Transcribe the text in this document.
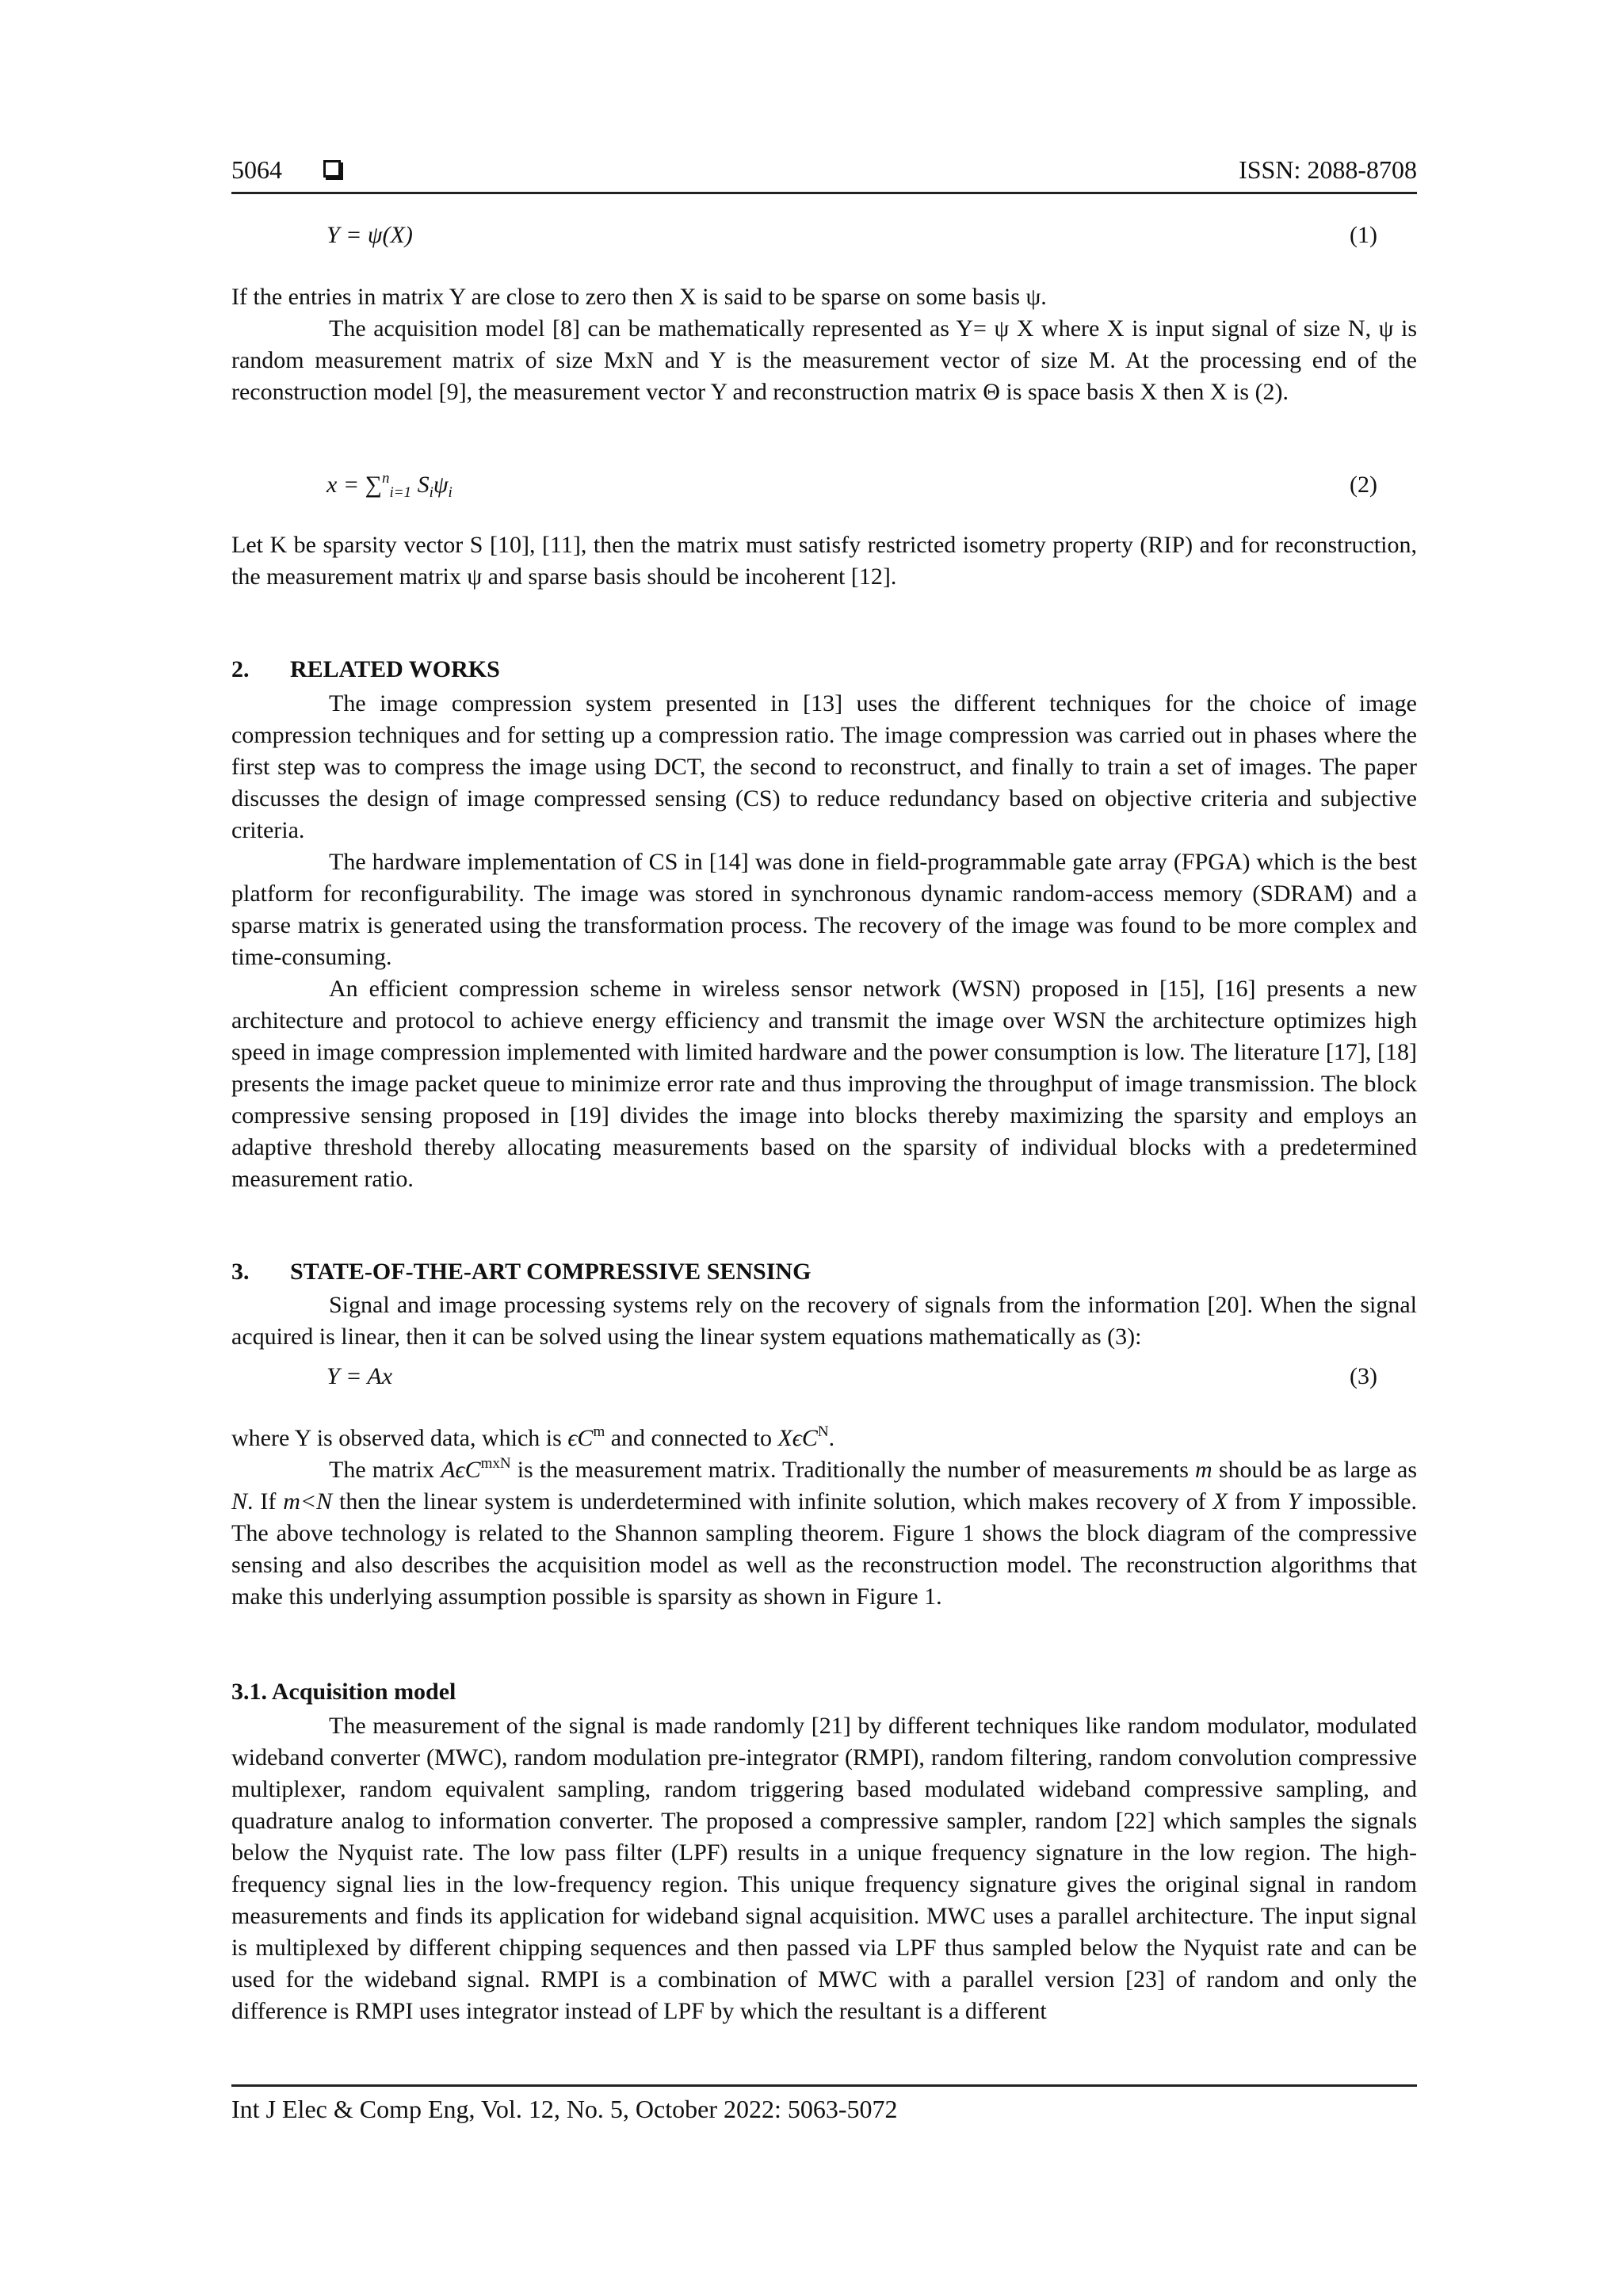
5064	ISSN: 2088-8708
Y = ψ(X)	(1)
If the entries in matrix Y are close to zero then X is said to be sparse on some basis ψ.
The acquisition model [8] can be mathematically represented as Y= ψ X where X is input signal of size N, ψ is random measurement matrix of size MxN and Y is the measurement vector of size M. At the processing end of the reconstruction model [9], the measurement vector Y and reconstruction matrix Θ is space basis X then X is (2).
x = ∑$^n_{i=1}$ $S_i\psi_i$	(2)
Let K be sparsity vector S [10], [11], then the matrix must satisfy restricted isometry property (RIP) and for reconstruction, the measurement matrix ψ and sparse basis should be incoherent [12].
2. RELATED WORKS
The image compression system presented in [13] uses the different techniques for the choice of image compression techniques and for setting up a compression ratio. The image compression was carried out in phases where the first step was to compress the image using DCT, the second to reconstruct, and finally to train a set of images. The paper discusses the design of image compressed sensing (CS) to reduce redundancy based on objective criteria and subjective criteria.
The hardware implementation of CS in [14] was done in field-programmable gate array (FPGA) which is the best platform for reconfigurability. The image was stored in synchronous dynamic random-access memory (SDRAM) and a sparse matrix is generated using the transformation process. The recovery of the image was found to be more complex and time-consuming.
An efficient compression scheme in wireless sensor network (WSN) proposed in [15], [16] presents a new architecture and protocol to achieve energy efficiency and transmit the image over WSN the architecture optimizes high speed in image compression implemented with limited hardware and the power consumption is low. The literature [17], [18] presents the image packet queue to minimize error rate and thus improving the throughput of image transmission. The block compressive sensing proposed in [19] divides the image into blocks thereby maximizing the sparsity and employs an adaptive threshold thereby allocating measurements based on the sparsity of individual blocks with a predetermined measurement ratio.
3. STATE-OF-THE-ART COMPRESSIVE SENSING
Signal and image processing systems rely on the recovery of signals from the information [20]. When the signal acquired is linear, then it can be solved using the linear system equations mathematically as (3):
Y = Ax	(3)
where Y is observed data, which is $\epsilon C^m$ and connected to XϵC$^N$.
The matrix AϵC$^{mxN}$ is the measurement matrix. Traditionally the number of measurements m should be as large as N. If m<N then the linear system is underdetermined with infinite solution, which makes recovery of X from Y impossible. The above technology is related to the Shannon sampling theorem. Figure 1 shows the block diagram of the compressive sensing and also describes the acquisition model as well as the reconstruction model. The reconstruction algorithms that make this underlying assumption possible is sparsity as shown in Figure 1.
3.1. Acquisition model
The measurement of the signal is made randomly [21] by different techniques like random modulator, modulated wideband converter (MWC), random modulation pre-integrator (RMPI), random filtering, random convolution compressive multiplexer, random equivalent sampling, random triggering based modulated wideband compressive sampling, and quadrature analog to information converter. The proposed a compressive sampler, random [22] which samples the signals below the Nyquist rate. The low pass filter (LPF) results in a unique frequency signature in the low region. The high-frequency signal lies in the low-frequency region. This unique frequency signature gives the original signal in random measurements and finds its application for wideband signal acquisition. MWC uses a parallel architecture. The input signal is multiplexed by different chipping sequences and then passed via LPF thus sampled below the Nyquist rate and can be used for the wideband signal. RMPI is a combination of MWC with a parallel version [23] of random and only the difference is RMPI uses integrator instead of LPF by which the resultant is a different
Int J Elec & Comp Eng, Vol. 12, No. 5, October 2022: 5063-5072
